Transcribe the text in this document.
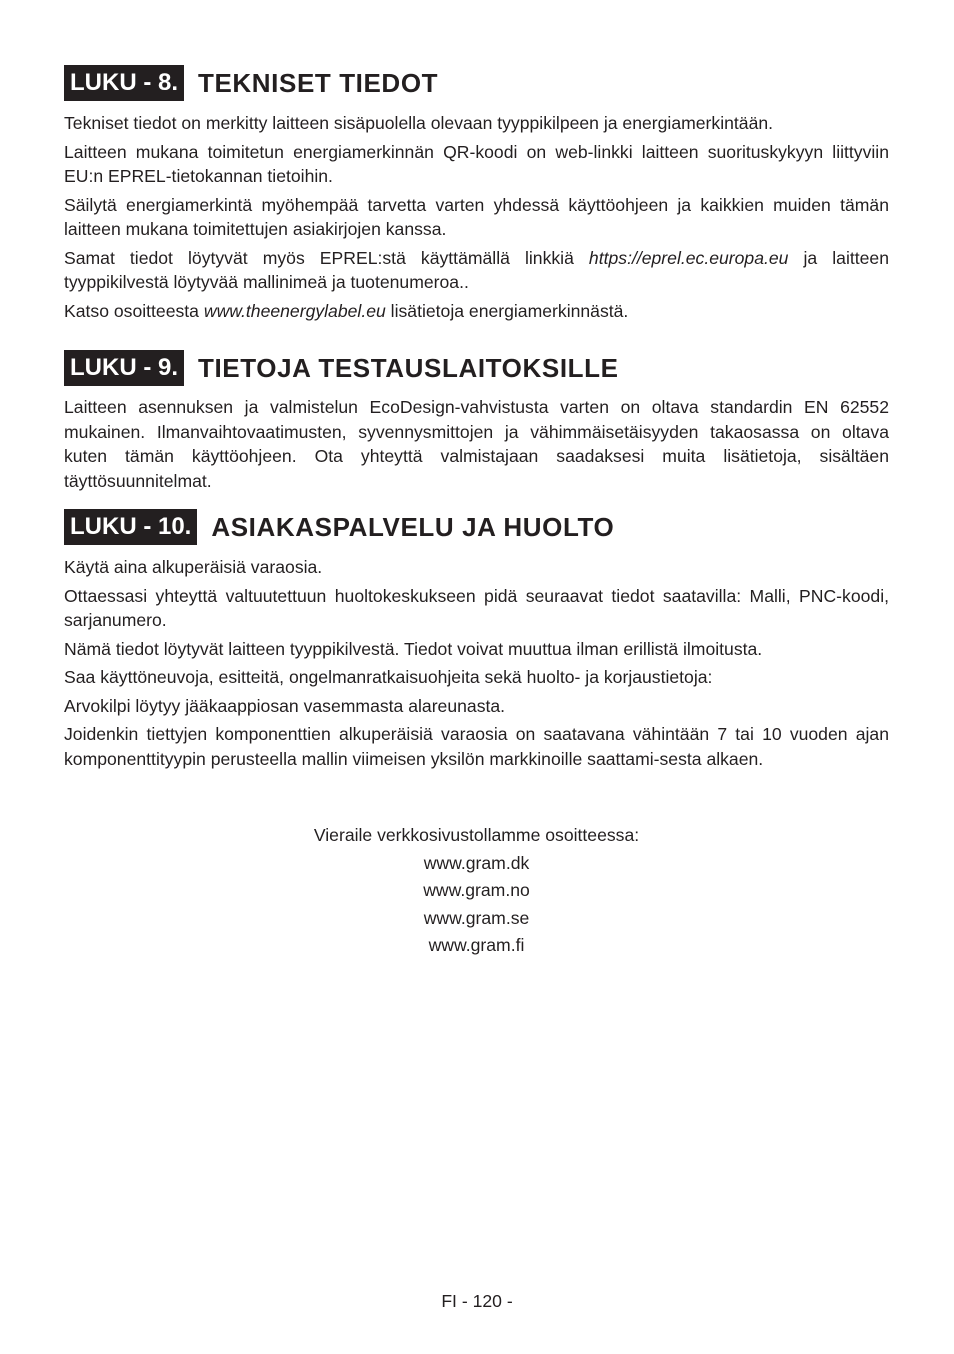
LUKU - 8. TEKNISET TIEDOT

Tekniset tiedot on merkitty laitteen sisäpuolella olevaan tyyppikilpeen ja energiamerkintään.

Laitteen mukana toimitetun energiamerkinnän QR-koodi on web-linkki laitteen suorituskykyyn liittyviin EU:n EPREL-tietokannan tietoihin.

Säilytä energiamerkintä myöhempää tarvetta varten yhdessä käyttöohjeen ja kaikkien muiden tämän laitteen mukana toimitettujen asiakirjojen kanssa.

Samat tiedot löytyvät myös EPREL:stä käyttämällä linkkiä https://eprel.ec.europa.eu ja laitteen tyyppikilvestä löytyvää mallinimeä ja tuotenumeroa..

Katso osoitteesta www.theenergylabel.eu lisätietoja energiamerkinnästä.

LUKU - 9. TIETOJA TESTAUSLAITOKSILLE

Laitteen asennuksen ja valmistelun EcoDesign-vahvistusta varten on oltava standardin EN 62552 mukainen. Ilmanvaihtovaatimusten, syvennysmittojen ja vähimmäisetäisyyden takaosassa on oltava kuten tämän käyttöohjeen. Ota yhteyttä valmistajaan saadaksesi muita lisätietoja, sisältäen täyttösuunnitelmat.

LUKU - 10. ASIAKASPALVELU JA HUOLTO

Käytä aina alkuperäisiä varaosia.

Ottaessasi yhteyttä valtuutettuun huoltokeskukseen pidä seuraavat tiedot saatavilla: Malli, PNC-koodi, sarjanumero.

Nämä tiedot löytyvät laitteen tyyppikilvestä. Tiedot voivat muuttua ilman erillistä ilmoitusta.

Saa käyttöneuvoja, esitteitä, ongelmanratkaisuohjeita sekä huolto- ja korjaustietoja:

Arvokilpi löytyy jääkaappiosan vasemmasta alareunasta.

Joidenkin tiettyjen komponenttien alkuperäisiä varaosia on saatavana vähintään 7 tai 10 vuoden ajan komponenttityypin perusteella mallin viimeisen yksilön markkinoille saattami-sesta alkaen.

Vieraile verkkosivustollamme osoitteessa:
www.gram.dk
www.gram.no
www.gram.se
www.gram.fi
FI - 120 -
